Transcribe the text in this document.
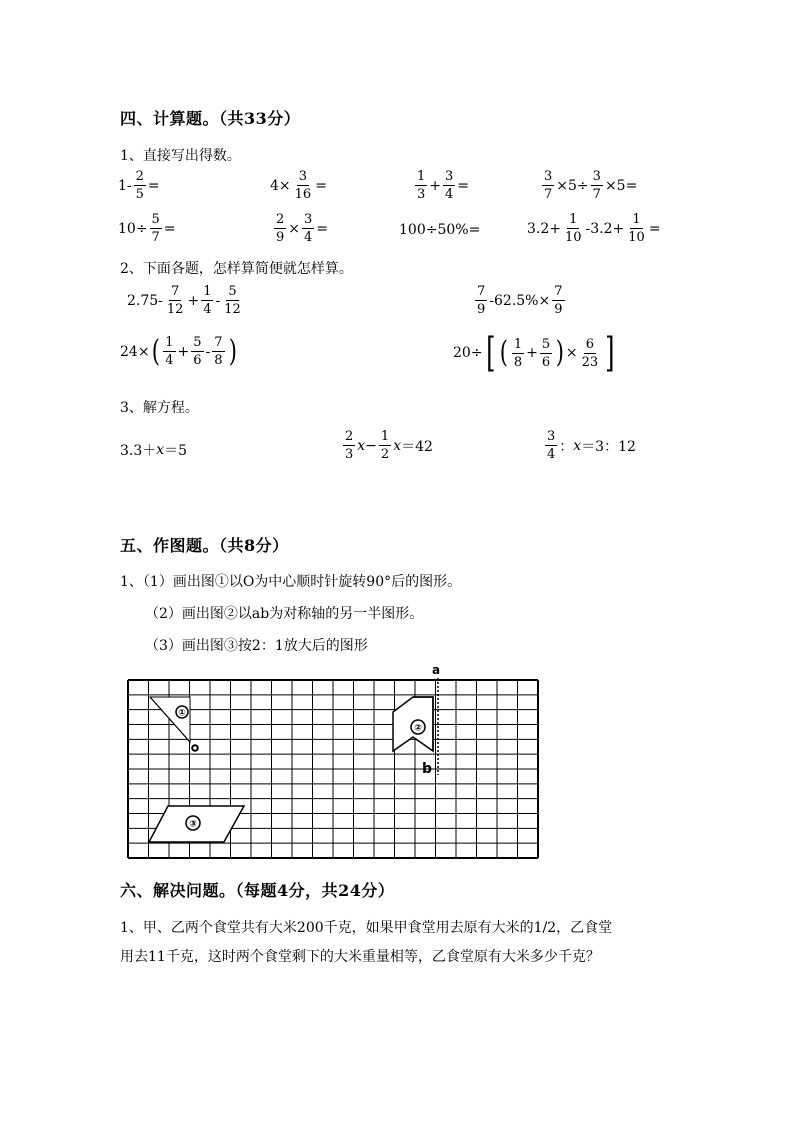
四、计算题。（共33分）
1、直接写出得数。
$1- \frac{2}{5}$ =	$4\times \frac{3}{16}$ =	$\frac{1}{3} + \frac{3}{4}$ =	$\frac{3}{7} \times 5\div \frac{3}{7} \times 5=$
$10\div \frac{5}{7}$ =	$\frac{2}{9} \times \frac{3}{4}$ =	100÷50%=	$3.2+ \frac{1}{10} -3.2+ \frac{1}{10}$ =
2、下面各题，怎样算简便就怎样算。
$2.75- \frac{7}{12} + \frac{1}{4} - \frac{5}{12}$	$\frac{7}{9} -62.5\%\times \frac{7}{9}$
24× ( $\frac{1}{4} + \frac{5}{6} - \frac{7}{8}$ )	20÷ [ ( $\frac{1}{8} + \frac{5}{6}$ ) × $\frac{6}{23}$ ]
3、解方程。
3.3＋ x ＝5	$\frac{2}{3}$ $x - \frac{1}{2}$ x ＝42	$\frac{3}{4}$ ： x ＝3：12
五、作图题。（共8分）
1、（1）画出图①以O为中心顺时针旋转90°后的图形。
（2）画出图②以ab为对称轴的另一半图形。
（3）画出图③按2：1放大后的图形
①
②
a
b
③
六、解决问题。（每题4分，共24分）
1、甲、乙两个食堂共有大米200千克，如果甲食堂用去原有大米的1/2，乙食堂
用去11千克，这时两个食堂剩下的大米重量相等，乙食堂原有大米多少千克？
